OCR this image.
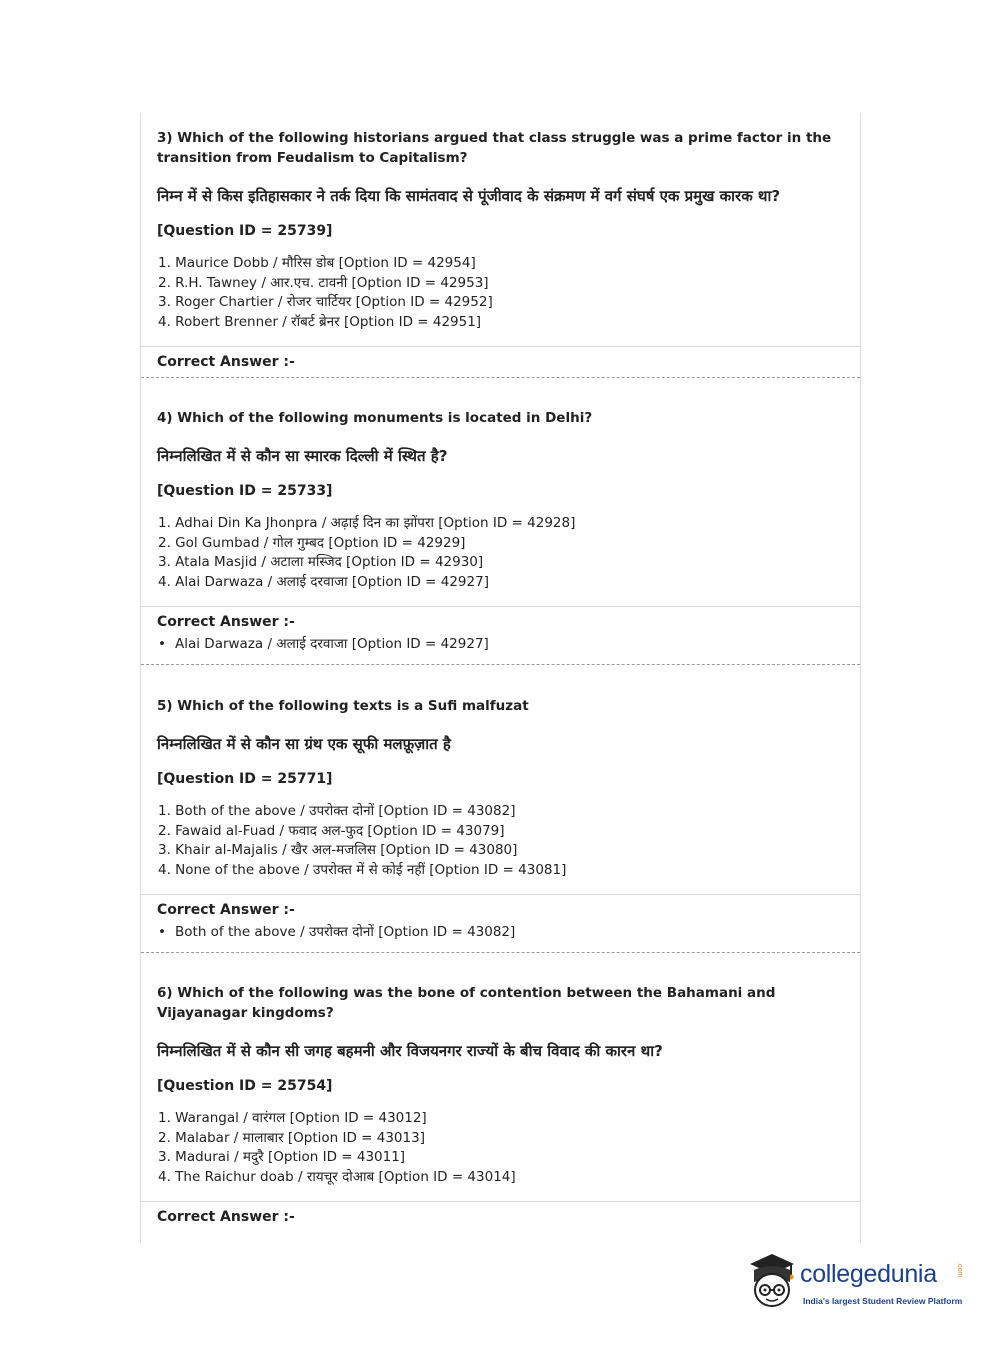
3) Which of the following historians argued that class struggle was a prime factor in the transition from Feudalism to Capitalism?
निम्न में से किस इतिहासकार ने तर्क दिया कि सामंतवाद से पूंजीवाद के संक्रमण में वर्ग संघर्ष एक प्रमुख कारक था?
[Question ID = 25739]
1. Maurice Dobb / मौरिस डोब [Option ID = 42954]
2. R.H. Tawney / आर.एच. टावनी [Option ID = 42953]
3. Roger Chartier / रोजर चार्टियर [Option ID = 42952]
4. Robert Brenner / रॉबर्ट ब्रेनर [Option ID = 42951]
Correct Answer :-
4) Which of the following monuments is located in Delhi?
निम्नलिखित में से कौन सा स्मारक दिल्ली में स्थित है?
[Question ID = 25733]
1. Adhai Din Ka Jhonpra / अढ़ाई दिन का झोंपरा [Option ID = 42928]
2. Gol Gumbad / गोल गुम्बद [Option ID = 42929]
3. Atala Masjid / अटाला मस्जिद [Option ID = 42930]
4. Alai Darwaza / अलाई दरवाजा [Option ID = 42927]
Correct Answer :-
• Alai Darwaza / अलाई दरवाजा [Option ID = 42927]
5) Which of the following texts is a Sufi malfuzat
निम्नलिखित में से कौन सा ग्रंथ एक सूफी मलफ़ूज़ात है
[Question ID = 25771]
1. Both of the above / उपरोक्त दोनों [Option ID = 43082]
2. Fawaid al-Fuad / फवाद अल-फुद [Option ID = 43079]
3. Khair al-Majalis / खैर अल-मजलिस [Option ID = 43080]
4. None of the above / उपरोक्त में से कोई नहीं [Option ID = 43081]
Correct Answer :-
• Both of the above / उपरोक्त दोनों [Option ID = 43082]
6) Which of the following was the bone of contention between the Bahamani and Vijayanagar kingdoms?
निम्नलिखित में से कौन सी जगह बहमनी और विजयनगर राज्यों के बीच विवाद की कारन था?
[Question ID = 25754]
1. Warangal / वारंगल [Option ID = 43012]
2. Malabar / मालाबार [Option ID = 43013]
3. Madurai / मदुरै [Option ID = 43011]
4. The Raichur doab / रायचूर दोआब [Option ID = 43014]
Correct Answer :-
collegedunia	.com
India's largest Student Review Platform
